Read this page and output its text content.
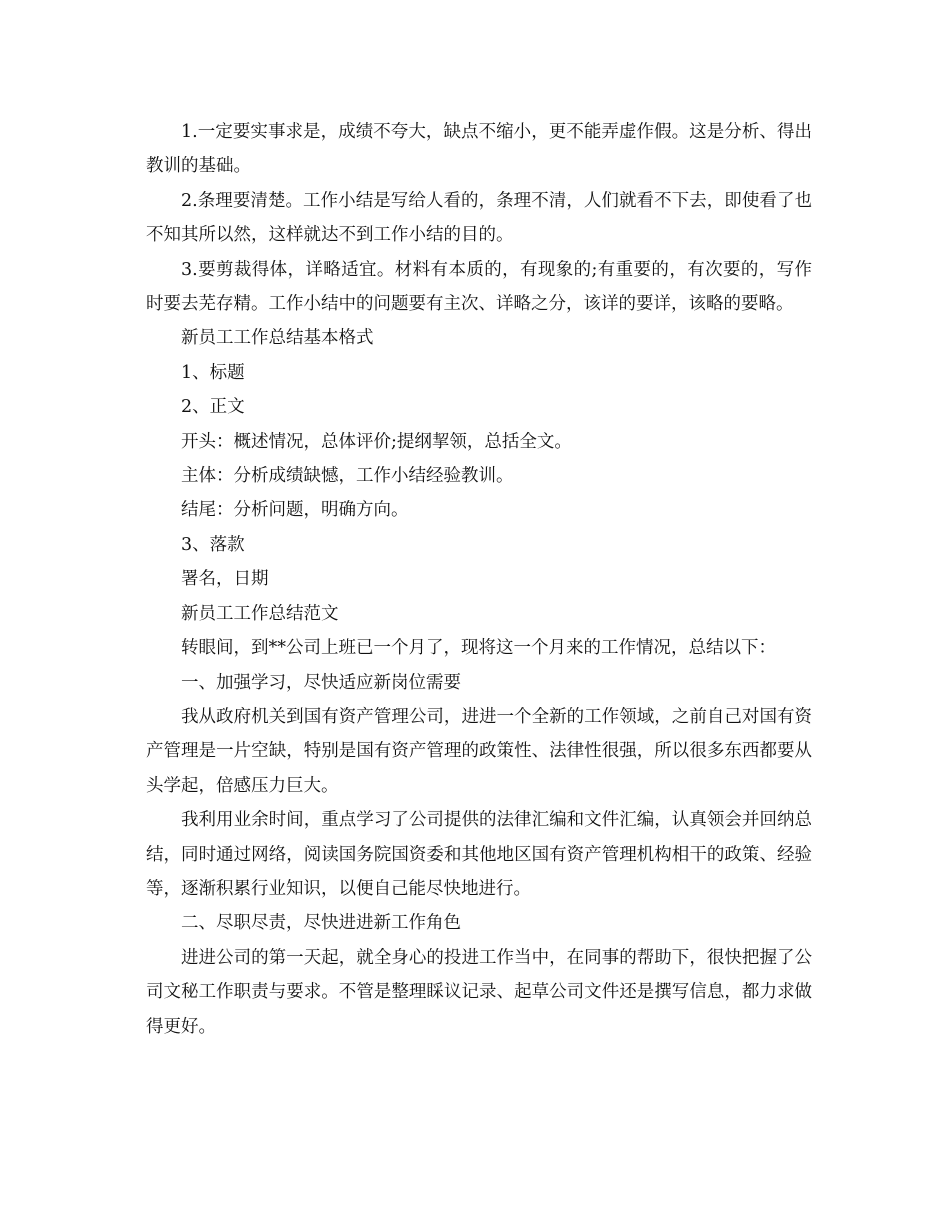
1.一定要实事求是，成绩不夸大，缺点不缩小，更不能弄虚作假。这是分析、得出教训的基础。

2.条理要清楚。工作小结是写给人看的，条理不清，人们就看不下去，即使看了也不知其所以然，这样就达不到工作小结的目的。

3.要剪裁得体，详略适宜。材料有本质的，有现象的;有重要的，有次要的，写作时要去芜存精。工作小结中的问题要有主次、详略之分，该详的要详，该略的要略。

新员工工作总结基本格式

1、标题

2、正文

开头：概述情况，总体评价;提纲挈领，总括全文。

主体：分析成绩缺憾，工作小结经验教训。

结尾：分析问题，明确方向。

3、落款

署名，日期

新员工工作总结范文

转眼间，到**公司上班已一个月了，现将这一个月来的工作情况，总结以下：

一、加强学习，尽快适应新岗位需要

我从政府机关到国有资产管理公司，进进一个全新的工作领域，之前自己对国有资产管理是一片空缺，特别是国有资产管理的政策性、法律性很强，所以很多东西都要从头学起，倍感压力巨大。

我利用业余时间，重点学习了公司提供的法律汇编和文件汇编，认真领会并回纳总结，同时通过网络，阅读国务院国资委和其他地区国有资产管理机构相干的政策、经验等，逐渐积累行业知识，以便自己能尽快地进行。

二、尽职尽责，尽快进进新工作角色

进进公司的第一天起，就全身心的投进工作当中，在同事的帮助下，很快把握了公司文秘工作职责与要求。不管是整理睬议记录、起草公司文件还是撰写信息，都力求做得更好。
